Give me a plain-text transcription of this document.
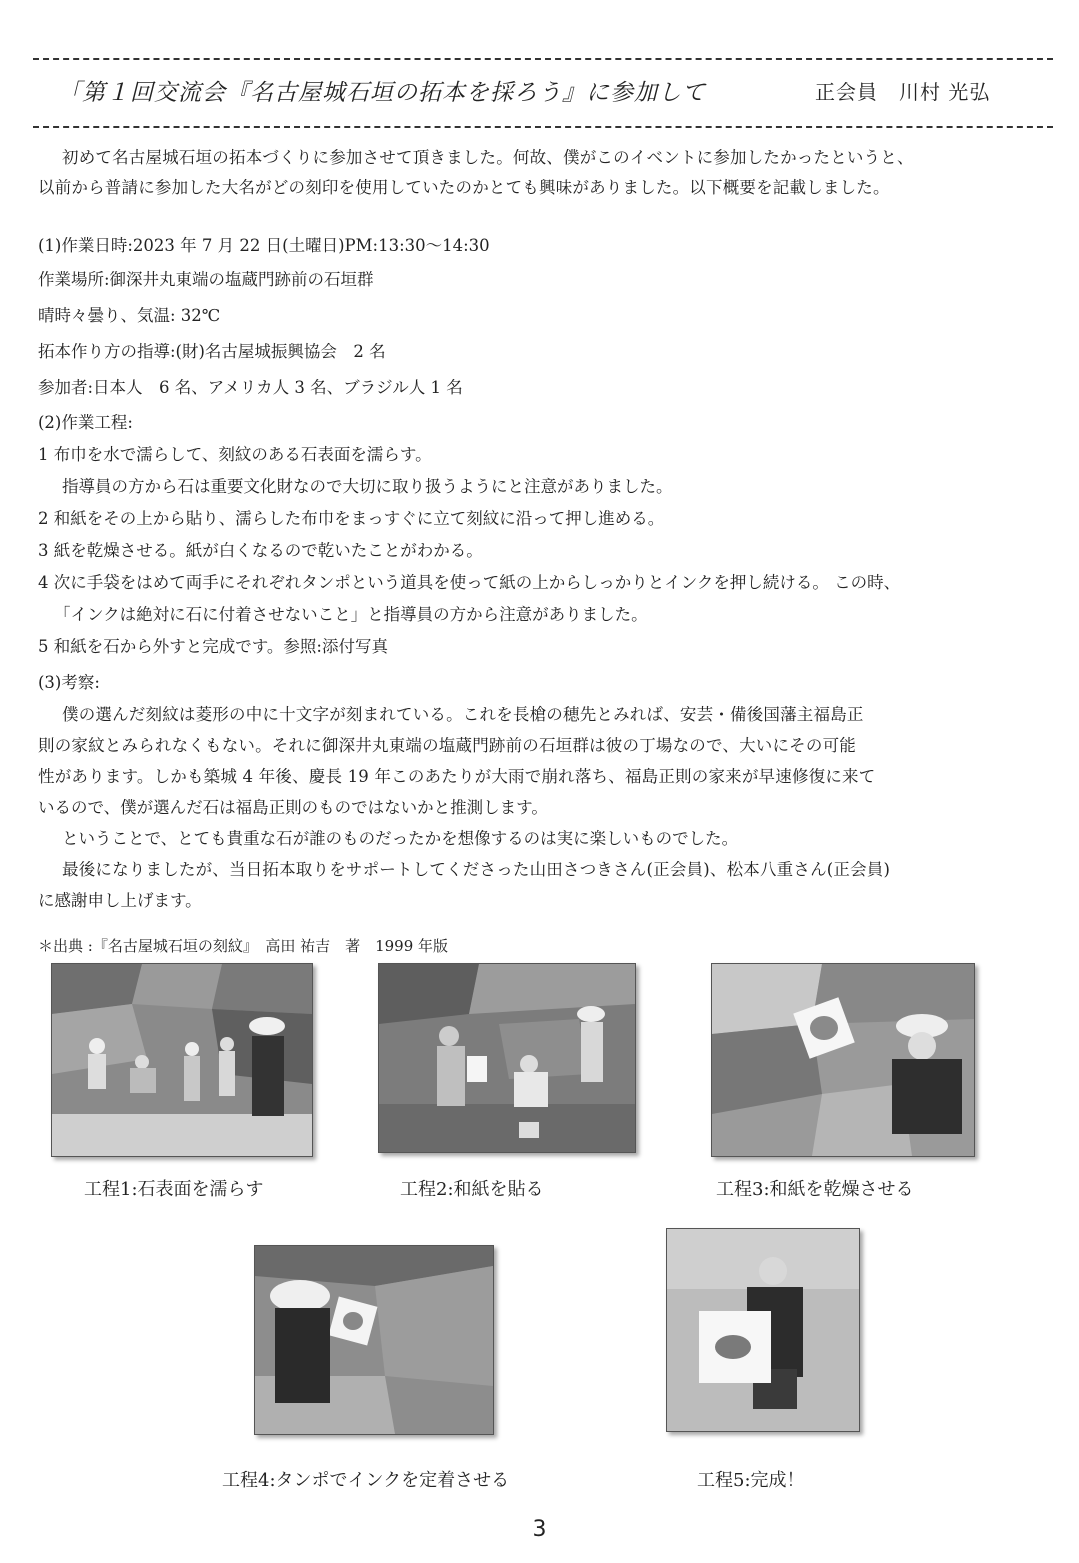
「第１回交流会『名古屋城石垣の拓本を採ろう』に参加して	正会員　川村 光弘
初めて名古屋城石垣の拓本づくりに参加させて頂きました。何故、僕がこのイベントに参加したかったというと、
以前から普請に参加した大名がどの刻印を使用していたのかとても興味がありました。以下概要を記載しました。
(1)作業日時:2023 年 7 月 22 日(土曜日)PM:13:30〜14:30
作業場所:御深井丸東端の塩蔵門跡前の石垣群
晴時々曇り、気温: 32℃
拓本作り方の指導:(財)名古屋城振興協会　2 名
参加者:日本人　6 名、アメリカ人 3 名、ブラジル人 1 名
(2)作業工程:
1 布巾を水で濡らして、刻紋のある石表面を濡らす。
指導員の方から石は重要文化財なので大切に取り扱うようにと注意がありました。
2 和紙をその上から貼り、濡らした布巾をまっすぐに立て刻紋に沿って押し進める。
3 紙を乾燥させる。紙が白くなるので乾いたことがわかる。
4 次に手袋をはめて両手にそれぞれタンポという道具を使って紙の上からしっかりとインクを押し続ける。 この時、
「インクは絶対に石に付着させないこと」と指導員の方から注意がありました。
5 和紙を石から外すと完成です。参照:添付写真
(3)考察:
僕の選んだ刻紋は菱形の中に十文字が刻まれている。これを長槍の穂先とみれば、安芸・備後国藩主福島正
則の家紋とみられなくもない。それに御深井丸東端の塩蔵門跡前の石垣群は彼の丁場なので、大いにその可能
性があります。しかも築城 4 年後、慶長 19 年このあたりが大雨で崩れ落ち、福島正則の家来が早速修復に来て
いるので、僕が選んだ石は福島正則のものではないかと推測します。
ということで、とても貴重な石が誰のものだったかを想像するのは実に楽しいものでした。
最後になりましたが、当日拓本取りをサポートしてくださった山田さつきさん(正会員)、松本八重さん(正会員)
に感謝申し上げます。
＊出典 :『名古屋城石垣の刻紋』　高田 祐吉　著　1999 年版
工程1:石表面を濡らす	工程2:和紙を貼る	工程3:和紙を乾燥させる
工程4:タンポでインクを定着させる	工程5:完成！
3
